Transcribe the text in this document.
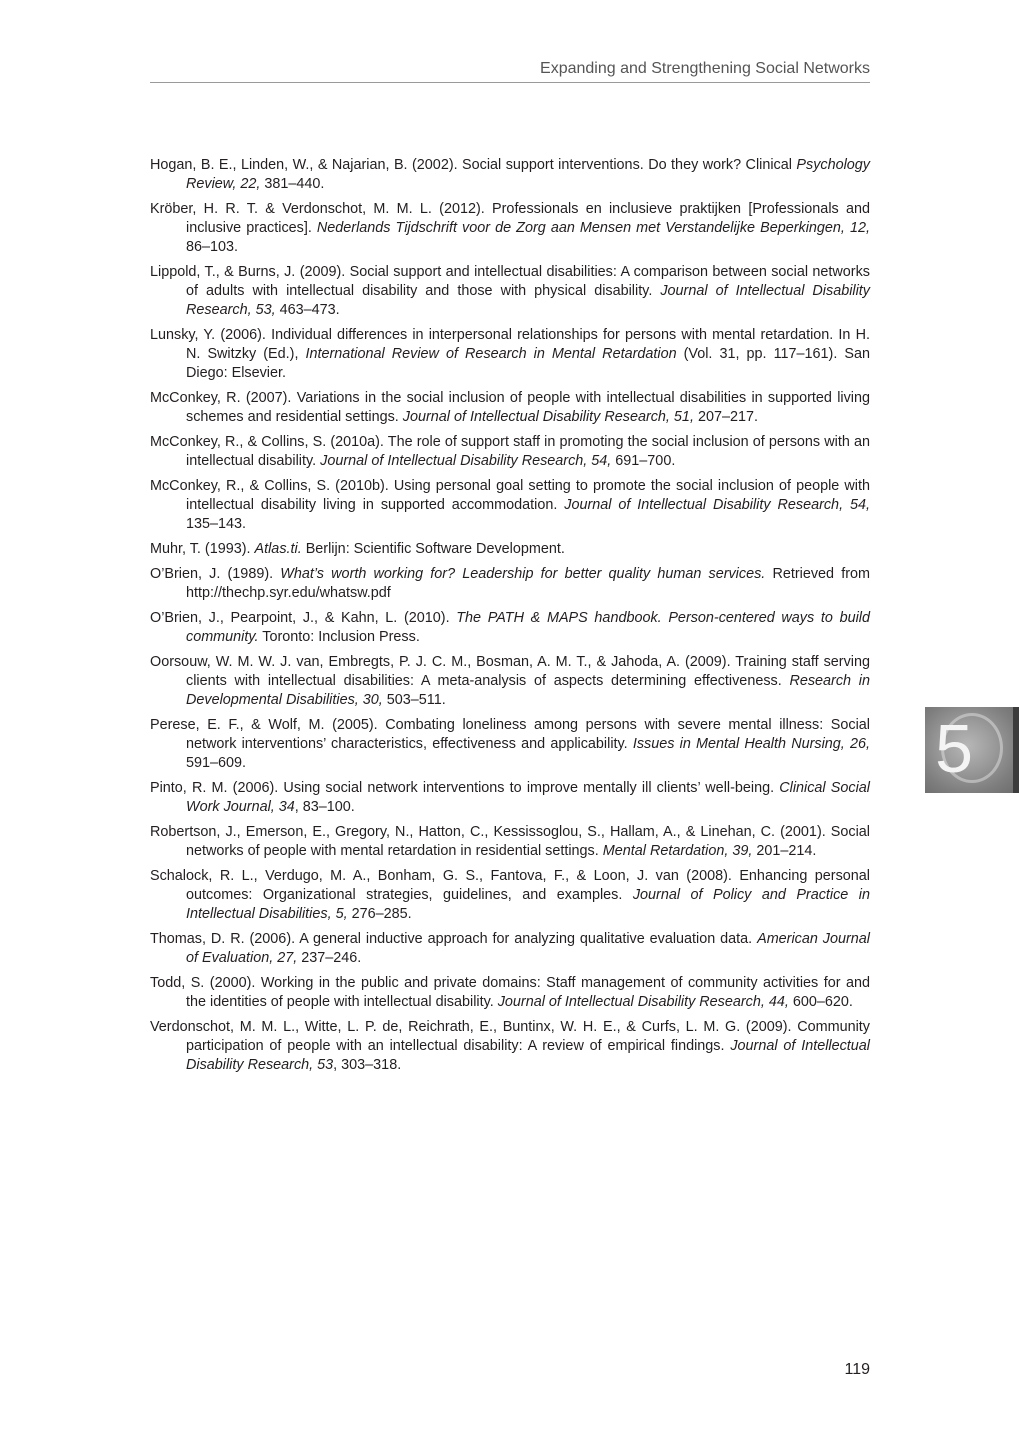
Expanding and Strengthening Social Networks
Hogan, B. E., Linden, W., & Najarian, B. (2002). Social support interventions. Do they work? Clinical Psychology Review, 22, 381–440.
Kröber, H. R. T. & Verdonschot, M. M. L. (2012). Professionals en inclusieve praktijken [Professionals and inclusive practices]. Nederlands Tijdschrift voor de Zorg aan Mensen met Verstandelijke Beperkingen, 12, 86–103.
Lippold, T., & Burns, J. (2009). Social support and intellectual disabilities: A comparison between social networks of adults with intellectual disability and those with physical disability. Journal of Intellectual Disability Research, 53, 463–473.
Lunsky, Y. (2006). Individual differences in interpersonal relationships for persons with mental retardation. In H. N. Switzky (Ed.), International Review of Research in Mental Retardation (Vol. 31, pp. 117–161). San Diego: Elsevier.
McConkey, R. (2007). Variations in the social inclusion of people with intellectual disabilities in supported living schemes and residential settings. Journal of Intellectual Disability Research, 51, 207–217.
McConkey, R., & Collins, S. (2010a). The role of support staff in promoting the social inclusion of persons with an intellectual disability. Journal of Intellectual Disability Research, 54, 691–700.
McConkey, R., & Collins, S. (2010b). Using personal goal setting to promote the social inclusion of people with intellectual disability living in supported accommodation. Journal of Intellectual Disability Research, 54, 135–143.
Muhr, T. (1993). Atlas.ti. Berlijn: Scientific Software Development.
O’Brien, J. (1989). What’s worth working for? Leadership for better quality human services. Retrieved from http://thechp.syr.edu/whatsw.pdf
O’Brien, J., Pearpoint, J., & Kahn, L. (2010). The PATH & MAPS handbook. Person-centered ways to build community. Toronto: Inclusion Press.
Oorsouw, W. M. W. J. van, Embregts, P. J. C. M., Bosman, A. M. T., & Jahoda, A. (2009). Training staff serving clients with intellectual disabilities: A meta-analysis of aspects determining effectiveness. Research in Developmental Disabilities, 30, 503–511.
Perese, E. F., & Wolf, M. (2005). Combating loneliness among persons with severe mental illness: Social network interventions’ characteristics, effectiveness and applicability. Issues in Mental Health Nursing, 26, 591–609.
Pinto, R. M. (2006). Using social network interventions to improve mentally ill clients’ well-being. Clinical Social Work Journal, 34, 83–100.
Robertson, J., Emerson, E., Gregory, N., Hatton, C., Kessissoglou, S., Hallam, A., & Linehan, C. (2001). Social networks of people with mental retardation in residential settings. Mental Retardation, 39, 201–214.
Schalock, R. L., Verdugo, M. A., Bonham, G. S., Fantova, F., & Loon, J. van (2008). Enhancing personal outcomes: Organizational strategies, guidelines, and examples. Journal of Policy and Practice in Intellectual Disabilities, 5, 276–285.
Thomas, D. R. (2006). A general inductive approach for analyzing qualitative evaluation data. American Journal of Evaluation, 27, 237–246.
Todd, S. (2000). Working in the public and private domains: Staff management of community activities for and the identities of people with intellectual disability. Journal of Intellectual Disability Research, 44, 600–620.
Verdonschot, M. M. L., Witte, L. P. de, Reichrath, E., Buntinx, W. H. E., & Curfs, L. M. G. (2009). Community participation of people with an intellectual disability: A review of empirical findings. Journal of Intellectual Disability Research, 53, 303–318.
5
119
